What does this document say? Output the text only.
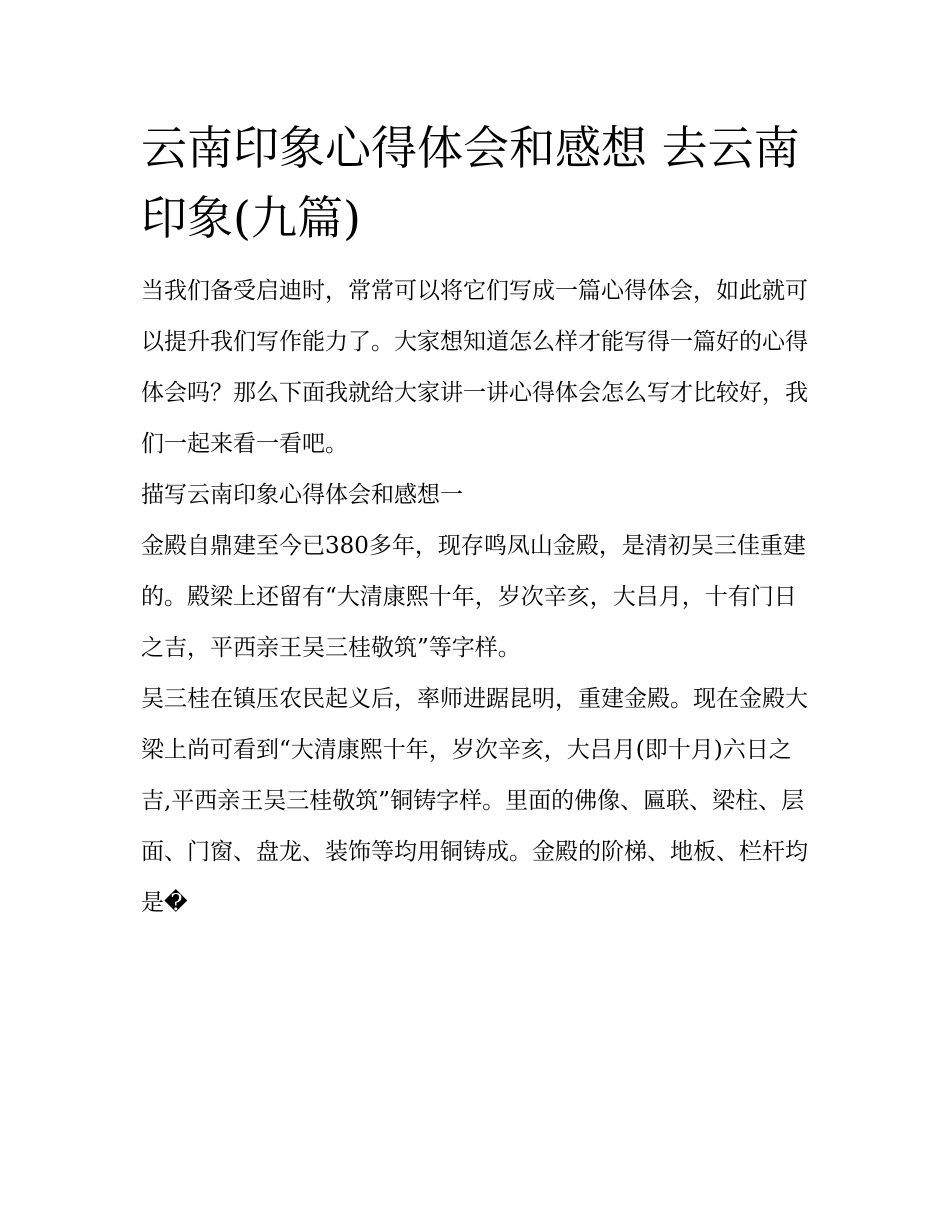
云南印象心得体会和感想 去云南印象(九篇)

当我们备受启迪时，常常可以将它们写成一篇心得体会，如此就可以提升我们写作能力了。大家想知道怎么样才能写得一篇好的心得体会吗？那么下面我就给大家讲一讲心得体会怎么写才比较好，我们一起来看一看吧。

描写云南印象心得体会和感想一

金殿自鼎建至今已380多年，现存鸣凤山金殿，是清初吴三佳重建的。殿梁上还留有“大清康熙十年，岁次辛亥，大吕月，十有门日之吉，平西亲王吴三桂敬筑”等字样。

吴三桂在镇压农民起义后，率师进踞昆明，重建金殿。现在金殿大梁上尚可看到“大清康熙十年，岁次辛亥，大吕月(即十月)六日之吉,平西亲王吴三桂敬筑”铜铸字样。里面的佛像、匾联、梁柱、层面、门窗、盘龙、装饰等均用铜铸成。金殿的阶梯、地板、栏杆均是�
